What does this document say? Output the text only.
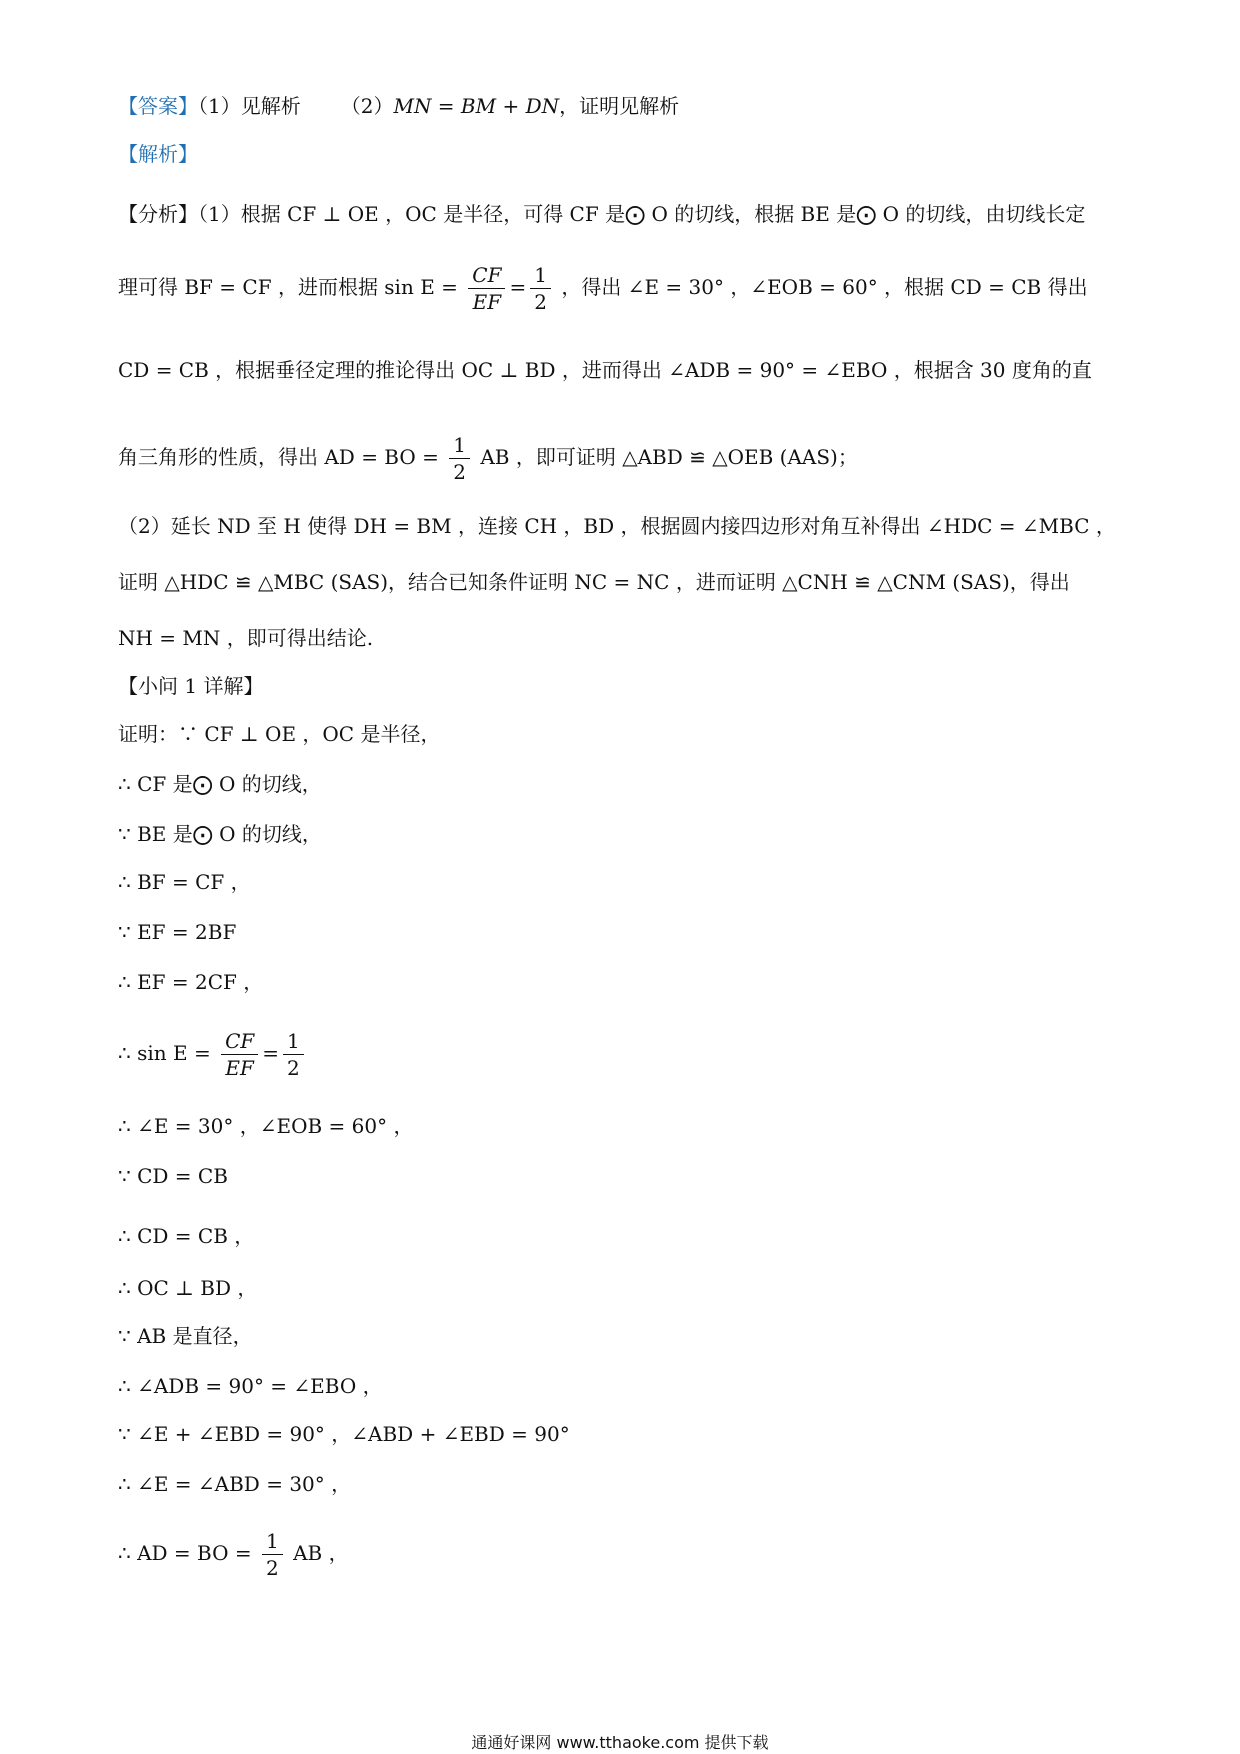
【答案】（1）见解析 （2）MN = BM + DN，证明见解析
【解析】
【分析】（1）根据 CF ⊥ OE ，OC 是半径，可得 CF 是⨀ O 的切线，根据 BE 是⨀ O 的切线，由切线长定
理可得 BF = CF ，进而根据 $\sin E = \frac{CF}{EF} = \frac{1}{2}$ ，得出 ∠E = 30° ，∠EOB = 60° ，根据 CD = CB 得出
CD = CB ，根据垂径定理的推论得出 OC ⊥ BD ，进而得出 ∠ADB = 90° = ∠EBO ，根据含 30 度角的直
角三角形的性质，得出 AD = BO = $\frac{1}{2}$ AB ，即可证明 △ABD ≌ △OEB (AAS)；
（2）延长 ND 至 H 使得 DH = BM ，连接 CH ，BD ，根据圆内接四边形对角互补得出 ∠HDC = ∠MBC ，
证明 △HDC ≌ △MBC (SAS)，结合已知条件证明 NC = NC ，进而证明 △CNH ≌ △CNM (SAS)，得出
NH = MN ，即可得出结论.
【小问 1 详解】
证明：∵ CF ⊥ OE ，OC 是半径，
∴ CF 是⨀ O 的切线，
∵ BE 是⨀ O 的切线，
∴ BF = CF ，
∵ EF = 2BF
∴ EF = 2CF ，
∴ $\sin E = \frac{CF}{EF} = \frac{1}{2}$
∴ ∠E = 30° ，∠EOB = 60° ，
∵ CD = CB
∴ CD = CB ，
∴ OC ⊥ BD ，
∵ AB 是直径，
∴ ∠ADB = 90° = ∠EBO ，
∵ ∠E + ∠EBD = 90° ，∠ABD + ∠EBD = 90°
∴ ∠E = ∠ABD = 30° ，
∴ AD = BO = $\frac{1}{2}$ AB ，
通通好课网 www.tthaoke.com 提供下载
